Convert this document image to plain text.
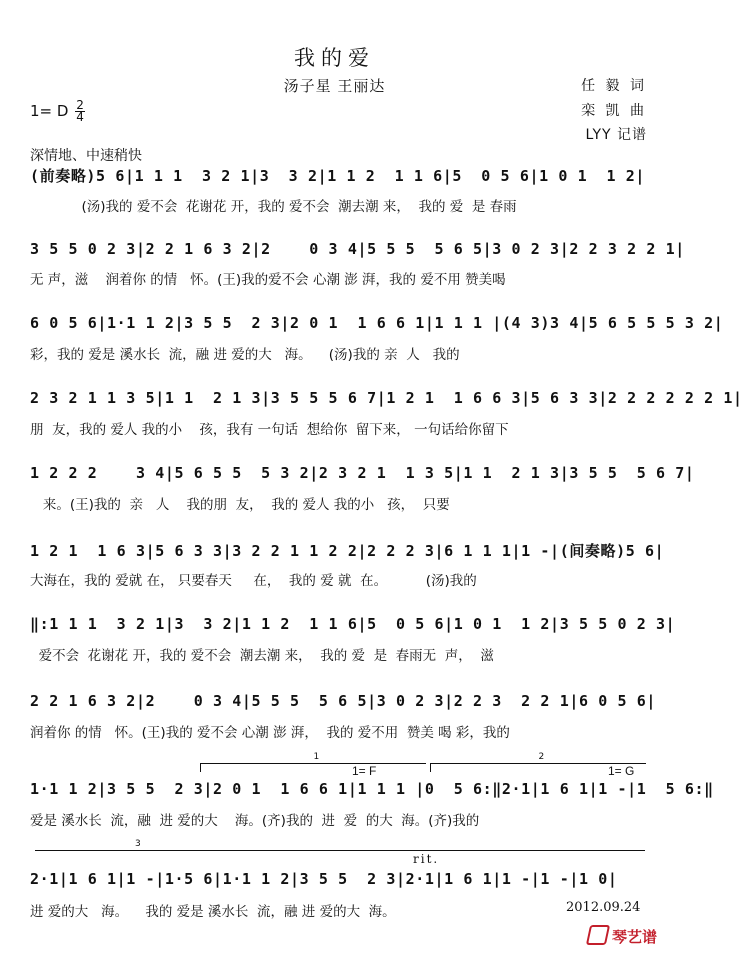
我的爱
汤子星 王丽达	任 毅 词
栾 凯 曲
LYY 记谱
1= D $\frac{2}{4}$
深情地、中速稍快
(前奏略)5 6|1 1 1  3 2 1|3  3 2|1 1 2  1 1 6|5  0 5 6|1 0 1  1 2|
(汤)我的 爱不会  花谢花 开，我的 爱不会  潮去潮 来，  我的 爱  是 春雨
3 5 5 0 2 3|2 2 1 6 3 2|2    0 3 4|5 5 5  5 6 5|3 0 2 3|2 2 3 2 2 1|
无 声，滋    润着你 的情   怀。(王)我的爱不会 心潮 澎 湃，我的 爱不用 赞美喝
6 0 5 6|1·1 1 2|3 5 5  2 3|2 0 1  1 6 6 1|1 1 1 |(4 3)3 4|5 6 5 5 5 3 2|
彩，我的 爱是 溪水长  流，融 进 爱的大   海。    (汤)我的 亲  人   我的
2 3 2 1 1 3 5|1 1  2 1 3|3 5 5 5 6 7|1 2 1  1 6 6 3|5 6 3 3|2 2 2 2 2 2 1|
朋  友，我的 爱人 我的小    孩，我有 一句话  想给你  留下来， 一句话给你留下
1 2 2 2    3 4|5 6 5 5  5 3 2|2 3 2 1  1 3 5|1 1  2 1 3|3 5 5  5 6 7|
来。(王)我的  亲   人    我的朋  友，  我的 爱人 我的小   孩，  只要
1 2 1  1 6 3|5 6 3 3|3 2 2 1 1 2 2|2 2 2 3|6 1 1 1|1 -|(间奏略)5 6|
大海在，我的 爱就 在， 只要春天     在，  我的 爱 就  在。         (汤)我的
‖:1 1 1  3 2 1|3  3 2|1 1 2  1 1 6|5  0 5 6|1 0 1  1 2|3 5 5 0 2 3|
爱不会  花谢花 开，我的 爱不会  潮去潮 来，  我的 爱  是  春雨无  声，  滋
2 2 1 6 3 2|2    0 3 4|5 5 5  5 6 5|3 0 2 3|2 2 3  2 2 1|6 0 5 6|
润着你 的情   怀。(王)我的 爱不会 心潮 澎 湃，  我的 爱不用  赞美 喝 彩，我的
1	2
1= F	1= G
1·1 1 2|3 5 5  2 3|2 0 1  1 6 6 1|1 1 1 |0  5 6:‖2·1|1 6 1|1 -|1  5 6:‖
爱是 溪水长  流，融  进 爱的大    海。(齐)我的  进  爱  的大  海。(齐)我的
3
rit.
2·1|1 6 1|1 -|1·5 6|1·1 1 2|3 5 5  2 3|2·1|1 6 1|1 -|1 -|1 0|
进 爱的大   海。    我的 爱是 溪水长  流，融 进 爱的大  海。	2012.09.24
琴艺谱
